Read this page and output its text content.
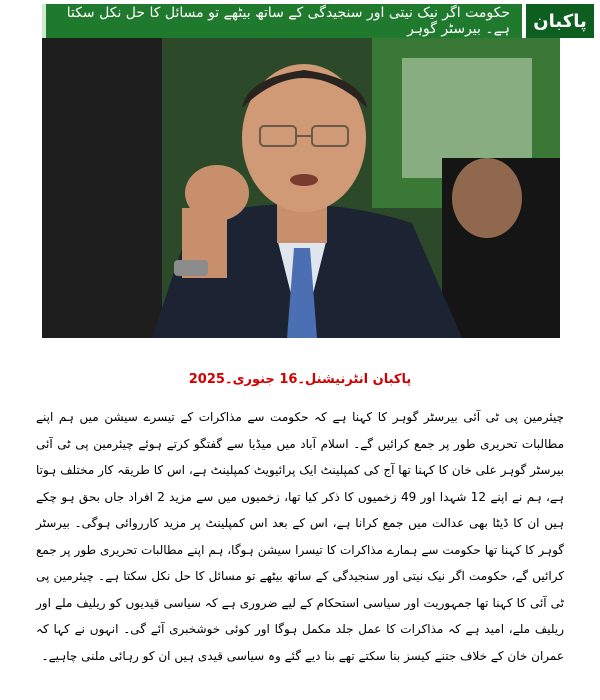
حکومت اگر نیک نیتی اور سنجیدگی کے ساتھ بیٹھے تو مسائل کا حل نکل سکتا ہے۔ بیرسٹر گوہر پاکبان
پاکبان انٹرنیشنل۔16 جنوری۔2025
چیئرمین پی ٹی آئی بیرسٹر گوہر کا کہنا ہے کہ حکومت سے مذاکرات کے تیسرے سیشن میں ہم اپنے مطالبات تحریری طور پر جمع کرائیں گے۔ اسلام آباد میں میڈیا سے گفتگو کرتے ہوئے چیئرمین پی ٹی آئی بیرسٹر گوہر علی خان کا کہنا تھا آج کی کمپلینٹ ایک پرائیویٹ کمپلینٹ ہے، اس کا طریقہ کار مختلف ہوتا ہے، ہم نے اپنے 12 شہدا اور 49 زخمیوں کا ذکر کیا تھا، زخمیوں میں سے مزید 2 افراد جاں بحق ہو چکے ہیں ان کا ڈیٹا بھی عدالت میں جمع کرانا ہے، اس کے بعد اس کمپلینٹ پر مزید کارروائی ہوگی۔ بیرسٹر گوہر کا کہنا تھا حکومت سے ہمارے مذاکرات کا تیسرا سیشن ہوگا، ہم اپنے مطالبات تحریری طور پر جمع کرائیں گے، حکومت اگر نیک نیتی اور سنجیدگی کے ساتھ بیٹھے تو مسائل کا حل نکل سکتا ہے۔ چیئرمین پی ٹی آئی کا کہنا تھا جمہوریت اور سیاسی استحکام کے لیے ضروری ہے کہ سیاسی قیدیوں کو ریلیف ملے اور ریلیف ملے، امید ہے کہ مذاکرات کا عمل جلد مکمل ہوگا اور کوئی خوشخبری آئے گی۔ انہوں نے کہا کہ عمران خان کے خلاف جتنے کیسز بنا سکتے تھے بنا دیے گئے وہ سیاسی قیدی ہیں ان کو رہائی ملنی چاہیے۔
